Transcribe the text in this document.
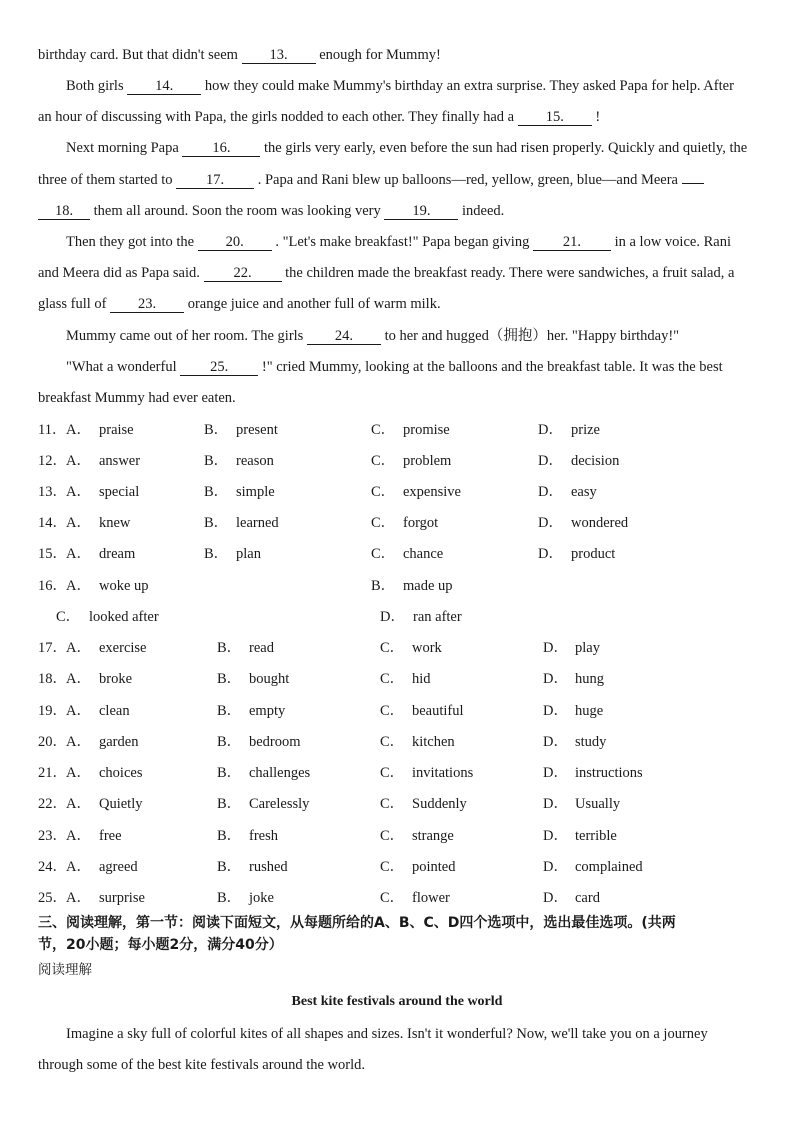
birthday card. But that didn't seem 13. enough for Mummy!
Both girls 14. how they could make Mummy's birthday an extra surprise. They asked Papa for help. After
an hour of discussing with Papa, the girls nodded to each other. They finally had a 15. !
Next morning Papa 16. the girls very early, even before the sun had risen properly. Quickly and quietly, the
three of them started to 17. . Papa and Rani blew up balloons—red, yellow, green, blue—and Meera
18. them all around. Soon the room was looking very 19. indeed.
Then they got into the 20. . "Let's make breakfast!" Papa began giving 21. in a low voice. Rani
and Meera did as Papa said. 22. the children made the breakfast ready. There were sandwiches, a fruit salad, a
glass full of 23. orange juice and another full of warm milk.
Mummy came out of her room. The girls 24. to her and hugged（拥抱）her. "Happy birthday!"
"What a wonderful 25. !" cried Mummy, looking at the balloons and the breakfast table. It was the best
breakfast Mummy had ever eaten.
11． A． praise	B． present	C． promise	D． prize
12． A． answer	B． reason	C． problem	D． decision
13． A． special	B． simple	C． expensive	D． easy
14． A． knew	B． learned	C． forgot	D． wondered
15． A． dream	B． plan	C． chance	D． product
16． A． woke up	B． made up
C． looked after	D． ran after
17． A． exercise	B． read	C． work	D． play
18． A． broke	B． bought	C． hid	D． hung
19． A． clean	B． empty	C． beautiful	D． huge
20． A． garden	B． bedroom	C． kitchen	D． study
21． A． choices	B． challenges	C． invitations	D． instructions
22． A． Quietly	B． Carelessly	C． Suddenly	D． Usually
23． A． free	B． fresh	C． strange	D． terrible
24． A． agreed	B． rushed	C． pointed	D． complained
25． A． surprise	B． joke	C． flower	D． card
三、阅读理解，第一节：阅读下面短文，从每题所给的A、B、C、D四个选项中，选出最佳选项。(共两
节，20小题；每小题2分，满分40分）
阅读理解
Best kite festivals around the world
Imagine a sky full of colorful kites of all shapes and sizes. Isn't it wonderful? Now, we'll take you on a journey
through some of the best kite festivals around the world.
